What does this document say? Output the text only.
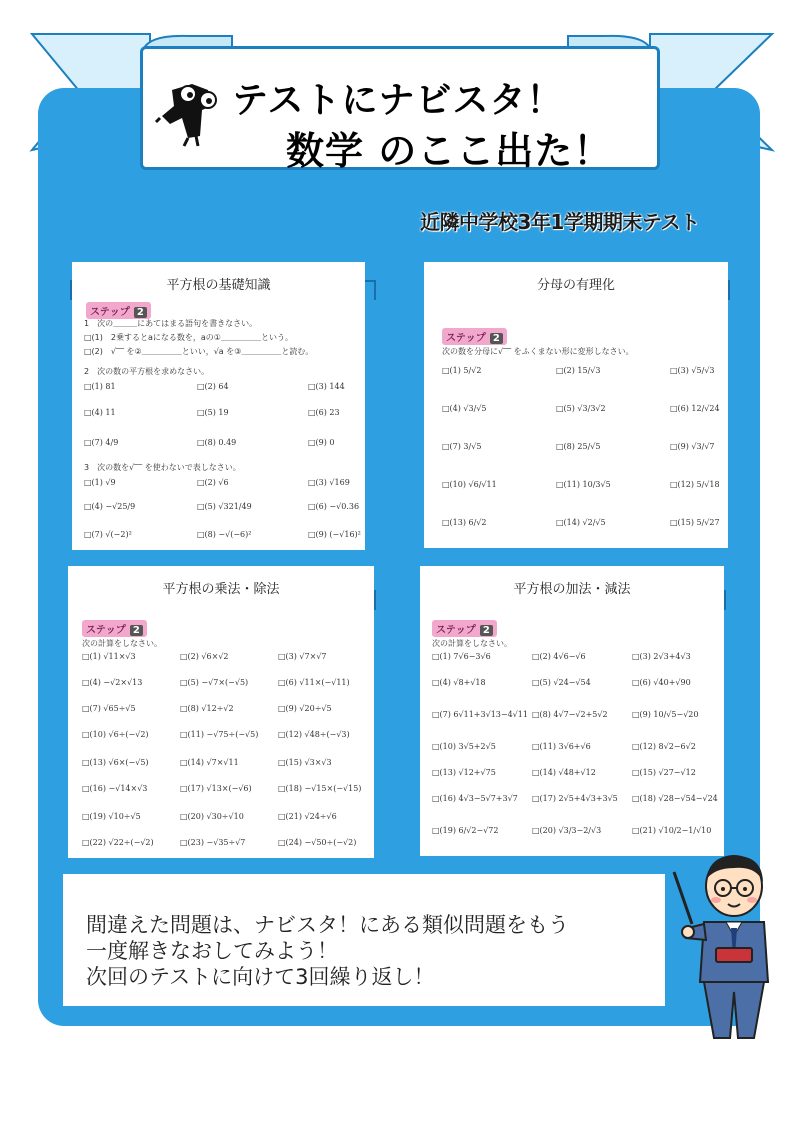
テストにナビスタ！
数学 のここ出た！
近隣中学校3年1学期期末テスト
平方根の基礎知識
ステップ 2
1　次の＿＿＿にあてはまる語句を書きなさい。
□(1)　2乗するとaになる数を，aの①＿＿＿＿＿という。
□(2)　√‾‾ を②＿＿＿＿＿といい，√a を③＿＿＿＿＿と読む。
2　次の数の平方根を求めなさい。
□(1) 81	□(2) 64	□(3) 144
□(4) 11	□(5) 19	□(6) 23
□(7) 4/9	□(8) 0.49	□(9) 0
3　次の数を√‾‾ を使わないで表しなさい。
□(1) √9	□(2) √6	□(3) √169
□(4) −√25/9	□(5) √321/49	□(6) −√0.36
□(7) √(−2)²	□(8) −√(−6)²	□(9) (−√16)²
分母の有理化
ステップ 2
次の数を分母に√‾‾ をふくまない形に変形しなさい。
□(1) 5/√2	□(2) 15/√3	□(3) √5/√3
□(4) √3/√5	□(5) √3/3√2	□(6) 12/√24
□(7) 3/√5	□(8) 25/√5	□(9) √3/√7
□(10) √6/√11	□(11) 10/3√5	□(12) 5/√18
□(13) 6/√2	□(14) √2/√5	□(15) 5/√27
平方根の乗法・除法
ステップ 2
次の計算をしなさい。
□(1) √11×√3	□(2) √6×√2	□(3) √7×√7
□(4) −√2×√13	□(5) −√7×(−√5)	□(6) √11×(−√11)
□(7) √65÷√5	□(8) √12÷√2	□(9) √20÷√5
□(10) √6÷(−√2)	□(11) −√75÷(−√5) □(12) √48÷(−√3)
□(13) √6×(−√5)	□(14) √7×√11	□(15) √3×√3
□(16) −√14×√3	□(17) √13×(−√6)	□(18) −√15×(−√15)
□(19) √10÷√5	□(20) √30÷√10	□(21) √24÷√6
□(22) √22÷(−√2)	□(23) −√35÷√7	□(24) −√50÷(−√2)
平方根の加法・減法
ステップ 2
次の計算をしなさい。
□(1) 7√6−3√6	□(2) 4√6−√6	□(3) 2√3+4√3
□(4) √8+√18	□(5) √24−√54	□(6) √40+√90
□(7) 6√11+3√13−4√11 □(8) 4√7−√2+5√2	□(9) 10/√5−√20
□(10) 3√5+2√5	□(11) 3√6+√6	□(12) 8√2−6√2
□(13) √12+√75	□(14) √48+√12	□(15) √27−√12
□(16) 4√3−5√7+3√7 □(17) 2√5+4√3+3√5 □(18) √28−√54−√24
□(19) 6/√2−√72	□(20) √3/3−2/√3	□(21) √10/2−1/√10
間違えた問題は、ナビスタ！にある類似問題をもう
一度解きなおしてみよう！
次回のテストに向けて3回繰り返し！
